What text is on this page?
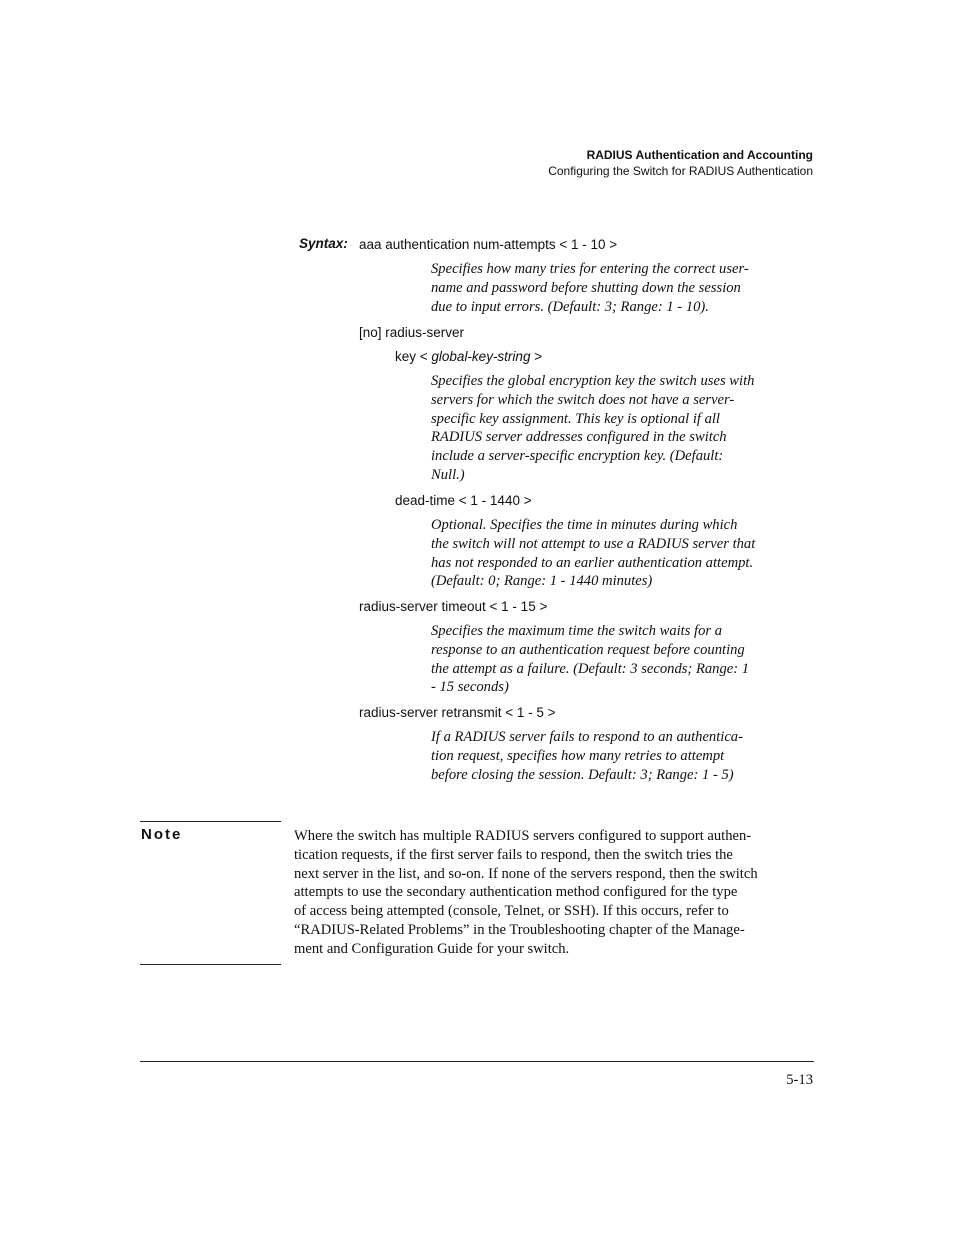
RADIUS Authentication and Accounting
Configuring the Switch for RADIUS Authentication
Syntax: aaa authentication num-attempts < 1 - 10 >
Specifies how many tries for entering the correct user-
name and password before shutting down the session
due to input errors. (Default: 3; Range: 1 - 10).
[no] radius-server
key < global-key-string >
Specifies the global encryption key the switch uses with
servers for which the switch does not have a server-
specific key assignment. This key is optional if all
RADIUS server addresses configured in the switch
include a server-specific encryption key. (Default:
Null.)
dead-time < 1 - 1440 >
Optional. Specifies the time in minutes during which
the switch will not attempt to use a RADIUS server that
has not responded to an earlier authentication attempt.
(Default: 0; Range: 1 - 1440 minutes)
radius-server timeout < 1 - 15 >
Specifies the maximum time the switch waits for a
response to an authentication request before counting
the attempt as a failure. (Default: 3 seconds; Range: 1
- 15 seconds)
radius-server retransmit < 1 - 5 >
If a RADIUS server fails to respond to an authentica-
tion request, specifies how many retries to attempt
before closing the session. Default: 3; Range: 1 - 5)
Note	Where the switch has multiple RADIUS servers configured to support authen-
tication requests, if the first server fails to respond, then the switch tries the
next server in the list, and so-on. If none of the servers respond, then the switch
attempts to use the secondary authentication method configured for the type
of access being attempted (console, Telnet, or SSH). If this occurs, refer to
“RADIUS-Related Problems” in the Troubleshooting chapter of the Manage-
ment and Configuration Guide for your switch.
5-13
